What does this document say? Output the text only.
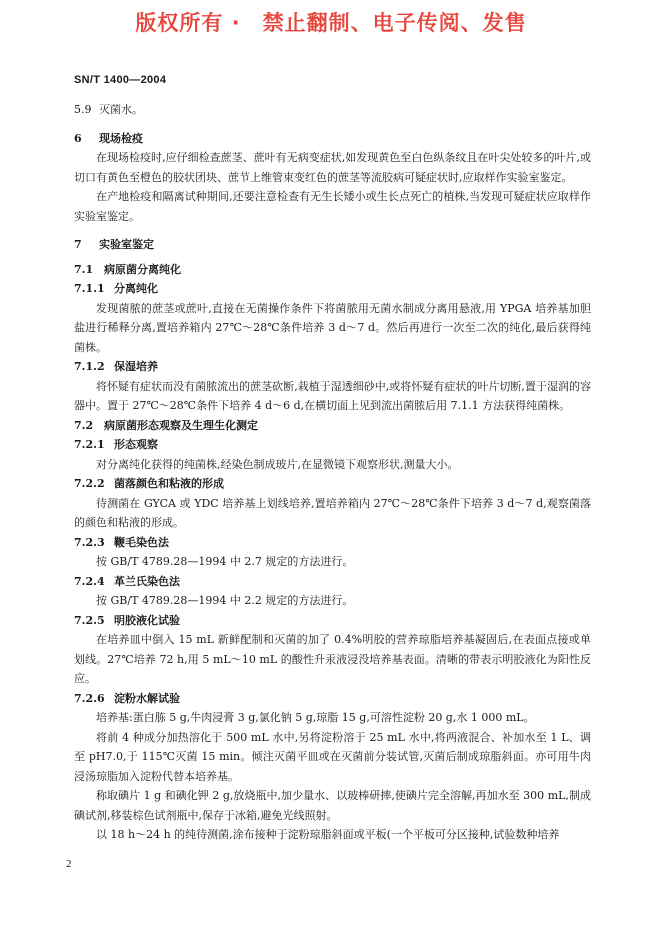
版权所有 ·　禁止翻制、电子传阅、发售
SN/T 1400—2004
5.9 灭菌水。
6 现场检疫
在现场检疫时,应仔细检查蔗茎、蔗叶有无病变症状,如发现黄色至白色纵条纹且在叶尖处较多的叶片,或切口有黄色至橙色的胶状团块、蔗节上维管束变红色的蔗茎等流胶病可疑症状时,应取样作实验室鉴定。
在产地检疫和隔离试种期间,还要注意检查有无生长矮小或生长点死亡的植株,当发现可疑症状应取样作实验室鉴定。
7 实验室鉴定
7.1 病原菌分离纯化
7.1.1 分离纯化
发现菌脓的蔗茎或蔗叶,直接在无菌操作条件下将菌脓用无菌水制成分离用悬液,用 YPGA 培养基加胆盐进行稀释分离,置培养箱内 27℃～28℃条件培养 3 d～7 d。然后再进行一次至二次的纯化,最后获得纯菌株。
7.1.2 保湿培养
将怀疑有症状而没有菌脓流出的蔗茎砍断,栽植于湿透细砂中,或将怀疑有症状的叶片切断,置于湿润的容器中。置于 27℃～28℃条件下培养 4 d～6 d,在横切面上见到流出菌脓后用 7.1.1 方法获得纯菌株。
7.2 病原菌形态观察及生理生化测定
7.2.1 形态观察
对分离纯化获得的纯菌株,经染色制成玻片,在显微镜下观察形状,测量大小。
7.2.2 菌落颜色和粘液的形成
待测菌在 GYCA 或 YDC 培养基上划线培养,置培养箱内 27℃～28℃条件下培养 3 d～7 d,观察菌落的颜色和粘液的形成。
7.2.3 鞭毛染色法
按 GB/T 4789.28—1994 中 2.7 规定的方法进行。
7.2.4 革兰氏染色法
按 GB/T 4789.28—1994 中 2.2 规定的方法进行。
7.2.5 明胶液化试验
在培养皿中倒入 15 mL 新鲜配制和灭菌的加了 0.4%明胶的营养琼脂培养基凝固后,在表面点接或单划线。27℃培养 72 h,用 5 mL～10 mL 的酸性升汞液浸没培养基表面。清晰的带表示明胶液化为阳性反应。
7.2.6 淀粉水解试验
培养基:蛋白胨 5 g,牛肉浸膏 3 g,氯化钠 5 g,琼脂 15 g,可溶性淀粉 20 g,水 1 000 mL。
将前 4 种成分加热溶化于 500 mL 水中,另将淀粉溶于 25 mL 水中,将两液混合、补加水至 1 L、调至 pH7.0,于 115℃灭菌 15 min。倾注灭菌平皿或在灭菌前分装试管,灭菌后制成琼脂斜面。亦可用牛肉浸汤琼脂加入淀粉代替本培养基。
称取碘片 1 g 和碘化钾 2 g,放烧瓶中,加少量水、以玻棒研摔,使碘片完全溶解,再加水至 300 mL,制成碘试剂,移装棕色试剂瓶中,保存于冰箱,避免光线照射。
以 18 h～24 h 的纯待测菌,涂布接种于淀粉琼脂斜面或平板(一个平板可分区接种,试验数种培养
2
